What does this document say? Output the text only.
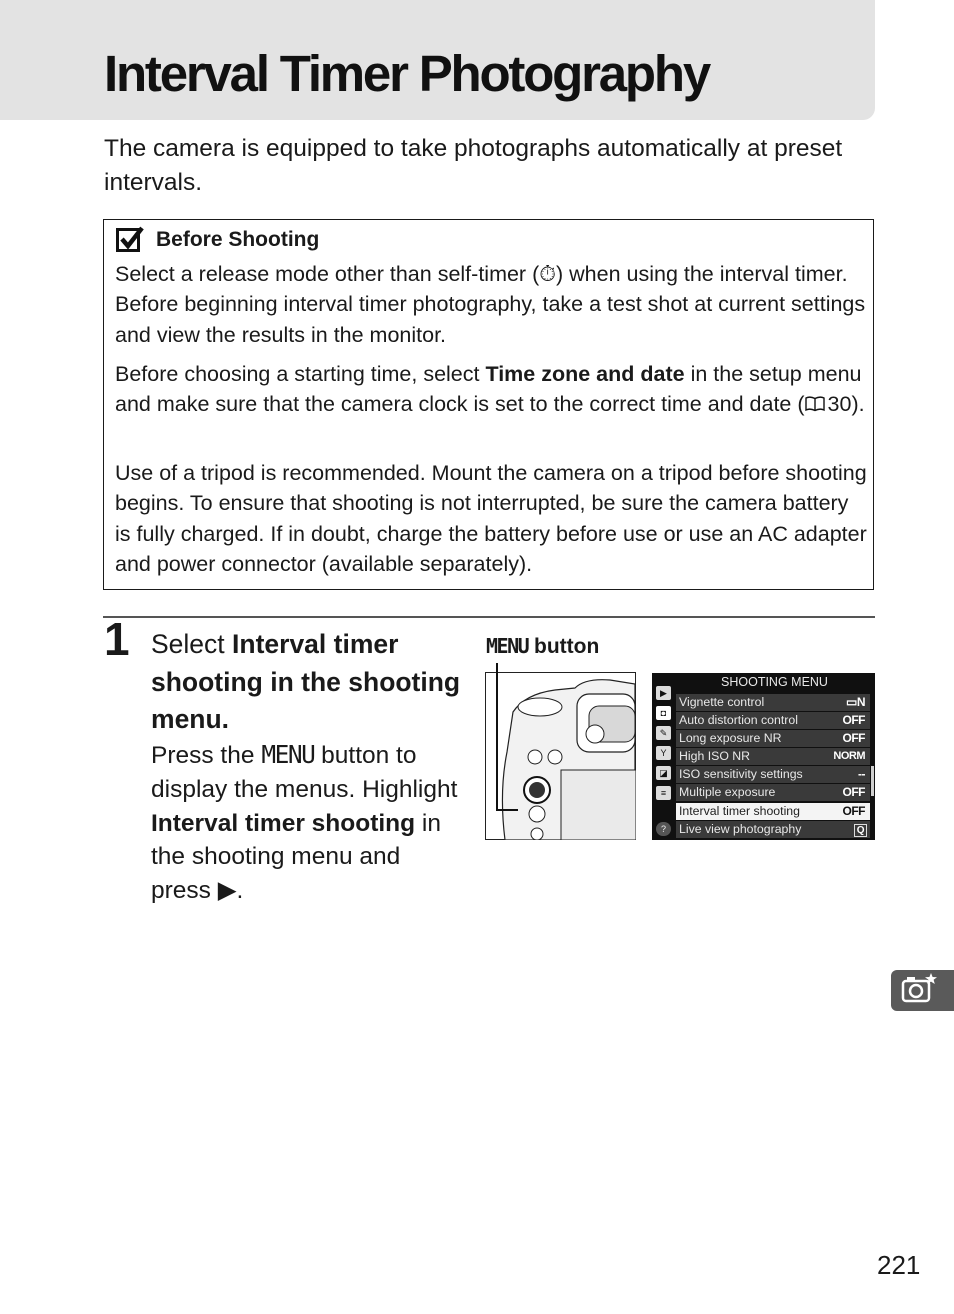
Interval Timer Photography

The camera is equipped to take photographs automatically at preset intervals.

Before Shooting

Select a release mode other than self-timer (⏱) when using the interval timer. Before beginning interval timer photography, take a test shot at current settings and view the results in the monitor.

Before choosing a starting time, select Time zone and date in the setup menu and make sure that the camera clock is set to the correct time and date ( 30).

Use of a tripod is recommended. Mount the camera on a tripod before shooting begins. To ensure that shooting is not interrupted, be sure the camera battery is fully charged. If in doubt, charge the battery before use or use an AC adapter and power connector (available separately).

1 Select Interval timer shooting in the shooting menu.

Press the MENU button to display the menus. Highlight Interval timer shooting in the shooting menu and press ▶.

MENU button
SHOOTING MENU
▶
◘
✎
Y
◪
≡
?
Vignette control	▭N
Auto distortion control	OFF
Long exposure NR	OFF
High ISO NR	NORM
ISO sensitivity settings	--
Multiple exposure	OFF
Interval timer shooting	OFF
Live view photography	Q
221
